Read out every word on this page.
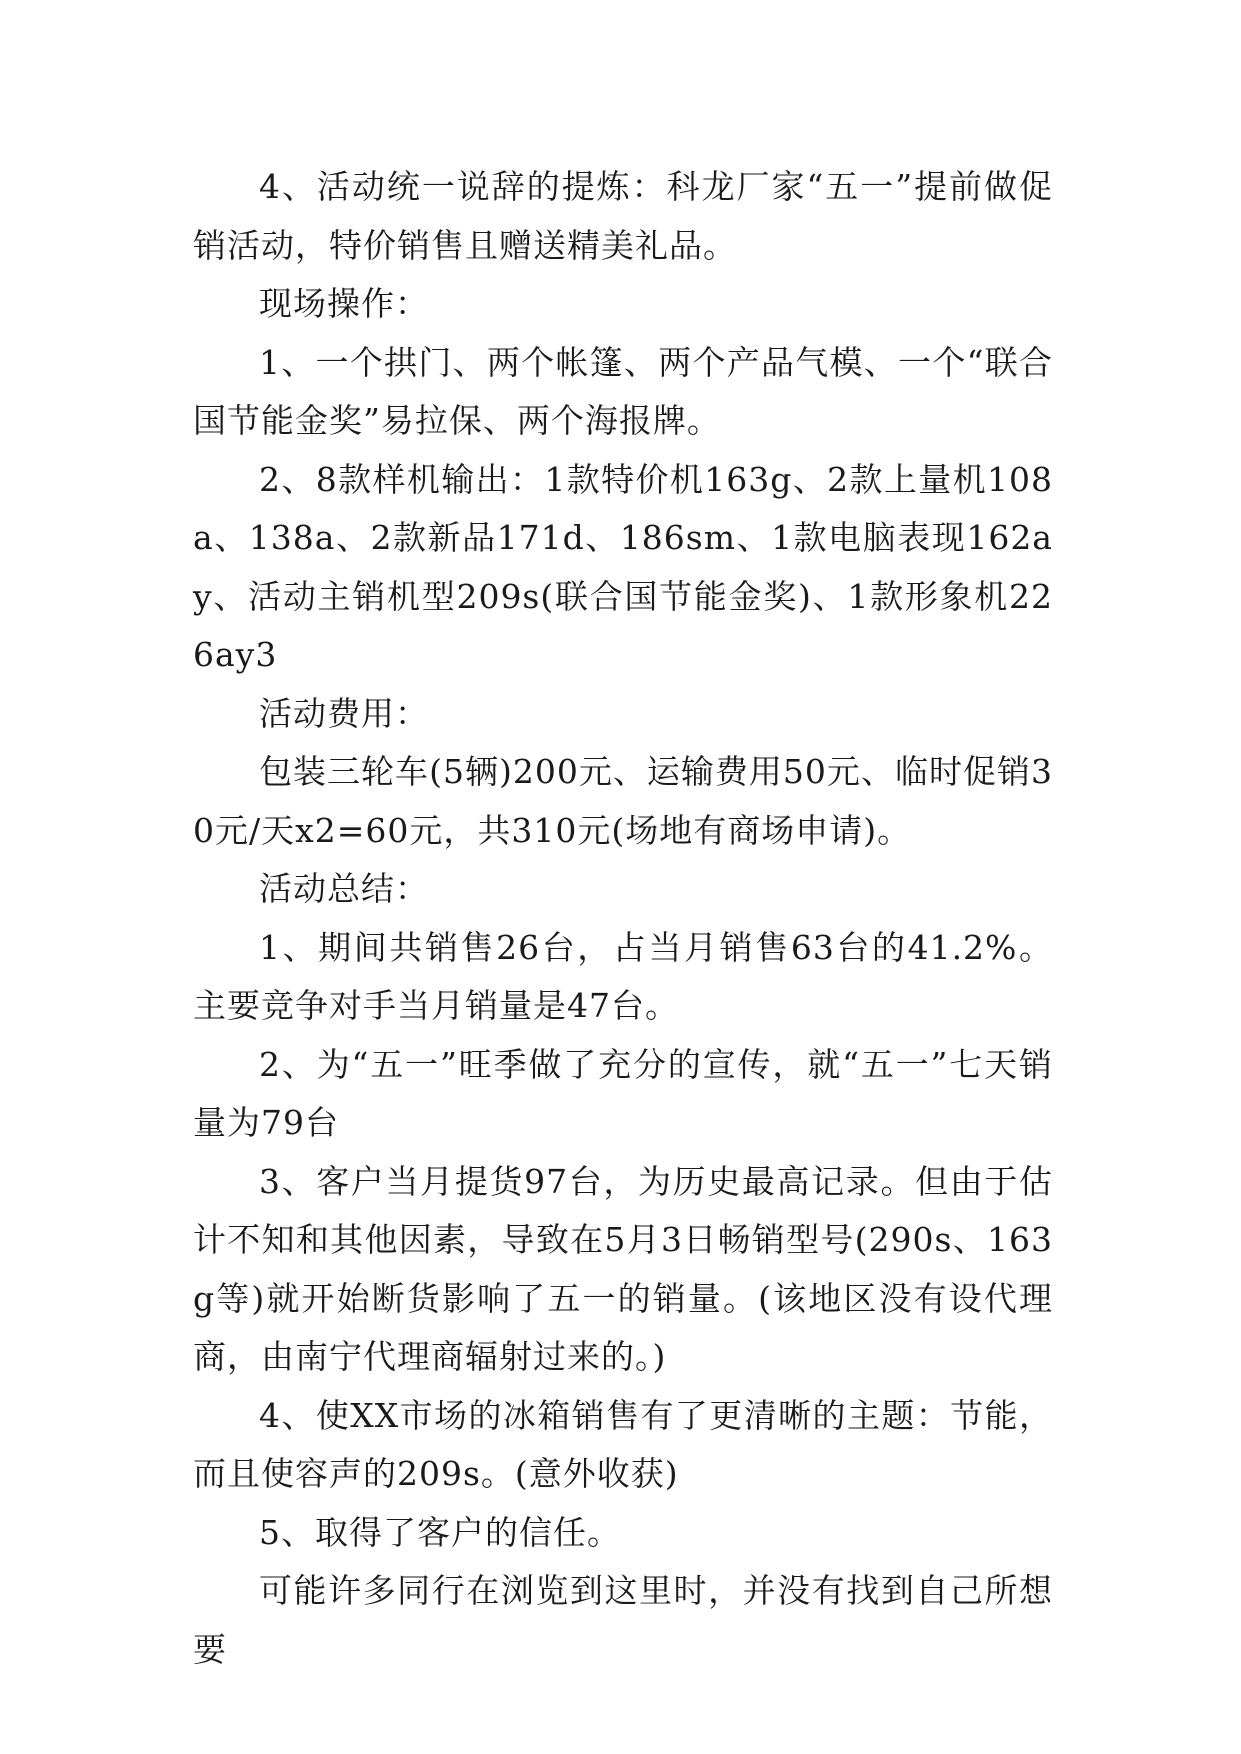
4、活动统一说辞的提炼：科龙厂家“五一”提前做促销活动，特价销售且赠送精美礼品。

现场操作：

1、一个拱门、两个帐篷、两个产品气模、一个“联合国节能金奖”易拉保、两个海报牌。

2、8款样机输出：1款特价机163g、2款上量机108a、138a、2款新品171d、186sm、1款电脑表现162ay、活动主销机型209s(联合国节能金奖)、1款形象机226ay3

活动费用：

包装三轮车(5辆)200元、运输费用50元、临时促销30元/天x2=60元，共310元(场地有商场申请)。

活动总结：

1、期间共销售26台，占当月销售63台的41.2%。主要竞争对手当月销量是47台。

2、为“五一”旺季做了充分的宣传，就“五一”七天销量为79台

3、客户当月提货97台，为历史最高记录。但由于估计不知和其他因素，导致在5月3日畅销型号(290s、163g等)就开始断货影响了五一的销量。(该地区没有设代理商，由南宁代理商辐射过来的。)

4、使XX市场的冰箱销售有了更清晰的主题：节能，而且使容声的209s。(意外收获)

5、取得了客户的信任。

可能许多同行在浏览到这里时，并没有找到自己所想要
